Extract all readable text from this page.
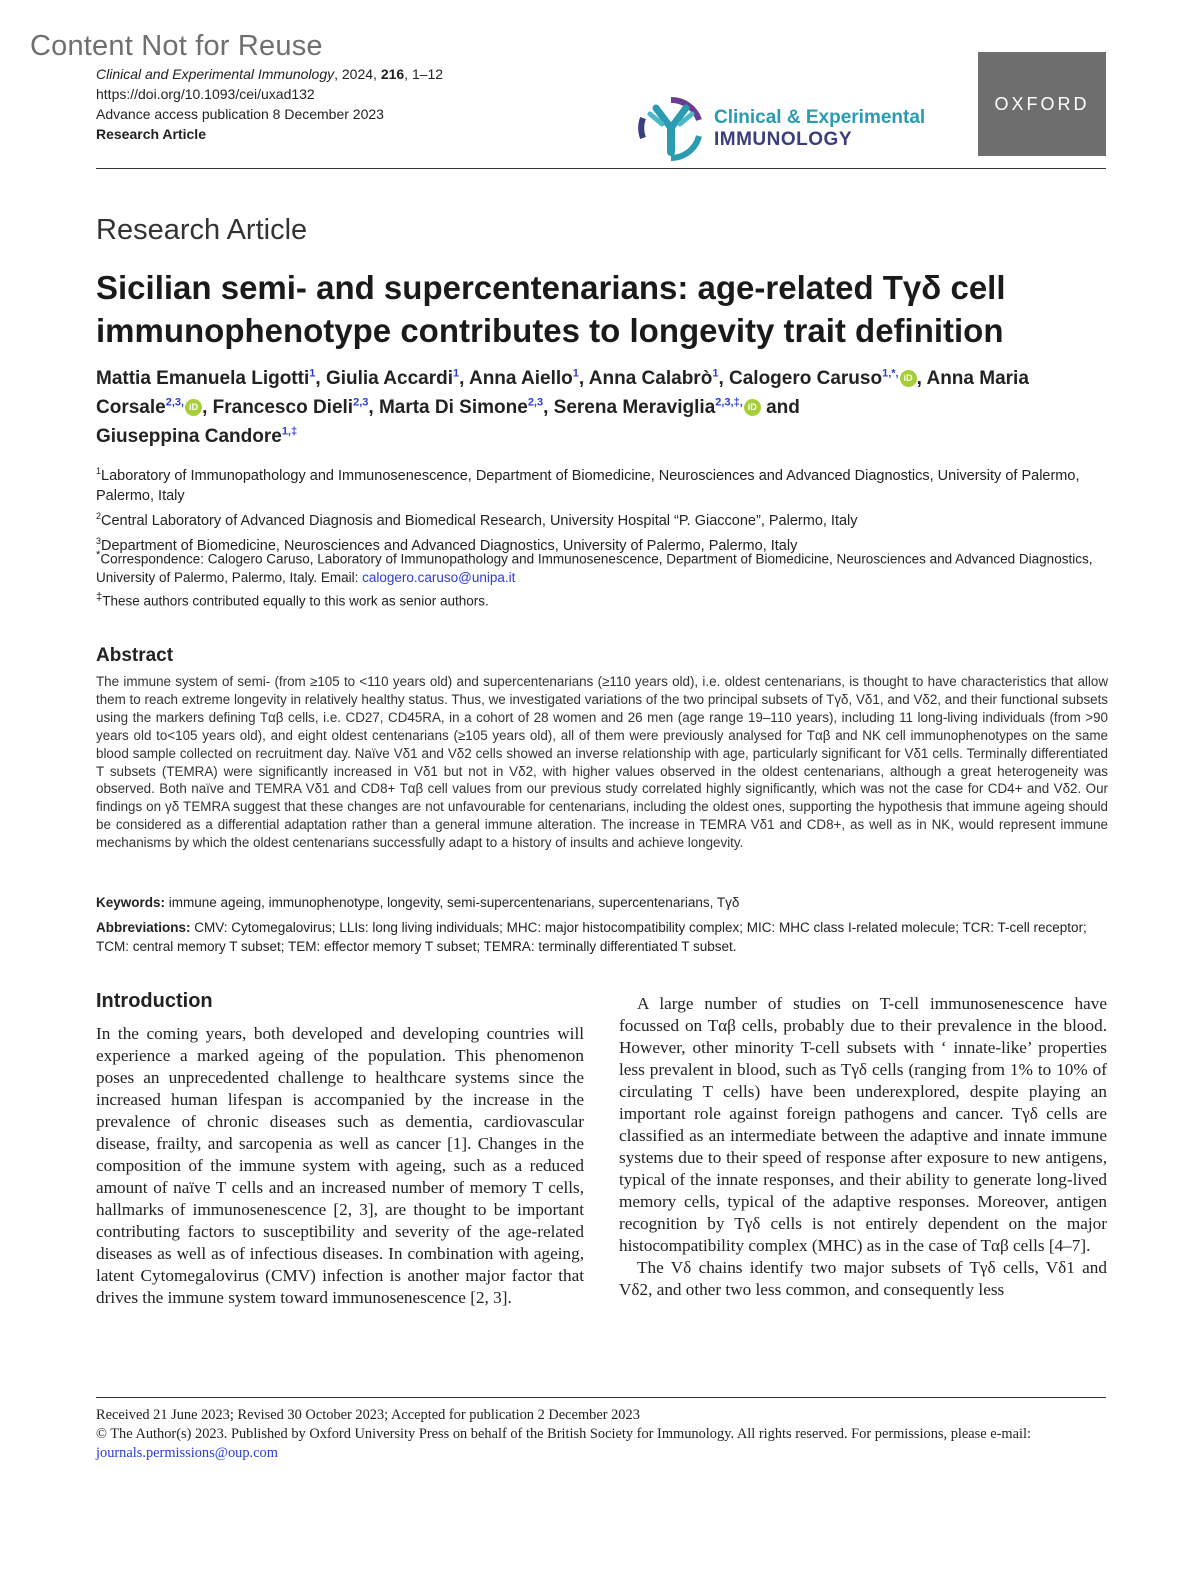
Content Not for Reuse
Clinical and Experimental Immunology, 2024, 216, 1–12
https://doi.org/10.1093/cei/uxad132
Advance access publication 8 December 2023
Research Article
Clinical & Experimental
IMMUNOLOGY
OXFORD
Research Article
Sicilian semi- and supercentenarians: age-related Tγδ cell immunophenotype contributes to longevity trait definition
Mattia Emanuela Ligotti$^1$, Giulia Accardi$^1$, Anna Aiello$^1$, Anna Calabrò$^1$, Calogero Caruso$^{1,*,}$ iD , Anna Maria Corsale$^{2,3,}$ iD , Francesco Dieli$^{2,3}$, Marta Di Simone$^{2,3}$, Serena Meraviglia$^{2,3,\ddagger,}$ iD and
Giuseppina Candore$^{1,\ddagger}$
$^1$Laboratory of Immunopathology and Immunosenescence, Department of Biomedicine, Neurosciences and Advanced Diagnostics, University of Palermo, Palermo, Italy
$^2$Central Laboratory of Advanced Diagnosis and Biomedical Research, University Hospital “P. Giaccone”, Palermo, Italy
$^3$Department of Biomedicine, Neurosciences and Advanced Diagnostics, University of Palermo, Palermo, Italy
*Correspondence: Calogero Caruso, Laboratory of Immunopathology and Immunosenescence, Department of Biomedicine, Neurosciences and Advanced Diagnostics, University of Palermo, Palermo, Italy. Email: calogero.caruso@unipa.it
‡These authors contributed equally to this work as senior authors.
Abstract

The immune system of semi- (from ≥105 to <110 years old) and supercentenarians (≥110 years old), i.e. oldest centenarians, is thought to have characteristics that allow them to reach extreme longevity in relatively healthy status. Thus, we investigated variations of the two principal subsets of Tγδ, Vδ1, and Vδ2, and their functional subsets using the markers defining Tαβ cells, i.e. CD27, CD45RA, in a cohort of 28 women and 26 men (age range 19–110 years), including 11 long-living individuals (from >90 years old to<105 years old), and eight oldest centenarians (≥105 years old), all of them were previously analysed for Tαβ and NK cell immunophenotypes on the same blood sample collected on recruitment day. Naïve Vδ1 and Vδ2 cells showed an inverse relationship with age, particularly significant for Vδ1 cells. Terminally differentiated T subsets (TEMRA) were significantly increased in Vδ1 but not in Vδ2, with higher values observed in the oldest centenarians, although a great heterogeneity was observed. Both naïve and TEMRA Vδ1 and CD8+ Tαβ cell values from our previous study correlated highly significantly, which was not the case for CD4+ and Vδ2. Our findings on γδ TEMRA suggest that these changes are not unfavourable for centenarians, including the oldest ones, supporting the hypothesis that immune ageing should be considered as a differential adaptation rather than a general immune alteration. The increase in TEMRA Vδ1 and CD8+, as well as in NK, would represent immune mechanisms by which the oldest centenarians successfully adapt to a history of insults and achieve longevity.

Keywords: immune ageing, immunophenotype, longevity, semi-supercentenarians, supercentenarians, Tγδ
Abbreviations: CMV: Cytomegalovirus; LLIs: long living individuals; MHC: major histocompatibility complex; MIC: MHC class I-related molecule; TCR: T-cell receptor; TCM: central memory T subset; TEM: effector memory T subset; TEMRA: terminally differentiated T subset.
Introduction

In the coming years, both developed and developing countries will experience a marked ageing of the population. This phenomenon poses an unprecedented challenge to healthcare systems since the increased human lifespan is accompanied by the increase in the prevalence of chronic diseases such as dementia, cardiovascular disease, frailty, and sarcopenia as well as cancer [1]. Changes in the composition of the immune system with ageing, such as a reduced amount of naïve T cells and an increased number of memory T cells, hallmarks of immunosenescence [2, 3], are thought to be important contributing factors to susceptibility and severity of the age-related diseases as well as of infectious diseases. In combination with ageing, latent Cytomegalovirus (CMV) infection is another major factor that drives the immune system toward immunosenescence [2, 3].

A large number of studies on T-cell immunosenescence have focussed on Tαβ cells, probably due to their prevalence in the blood. However, other minority T-cell subsets with ‘ innate-like’ properties less prevalent in blood, such as Tγδ cells (ranging from 1% to 10% of circulating T cells) have been underexplored, despite playing an important role against foreign pathogens and cancer. Tγδ cells are classified as an intermediate between the adaptive and innate immune systems due to their speed of response after exposure to new antigens, typical of the innate responses, and their ability to generate long-lived memory cells, typical of the adaptive responses. Moreover, antigen recognition by Tγδ cells is not entirely dependent on the major histocompatibility complex (MHC) as in the case of Tαβ cells [4–7].

The Vδ chains identify two major subsets of Tγδ cells, Vδ1 and Vδ2, and other two less common, and consequently less

Received 21 June 2023; Revised 30 October 2023; Accepted for publication 2 December 2023
© The Author(s) 2023. Published by Oxford University Press on behalf of the British Society for Immunology. All rights reserved. For permissions, please e-mail: journals.permissions@oup.com
